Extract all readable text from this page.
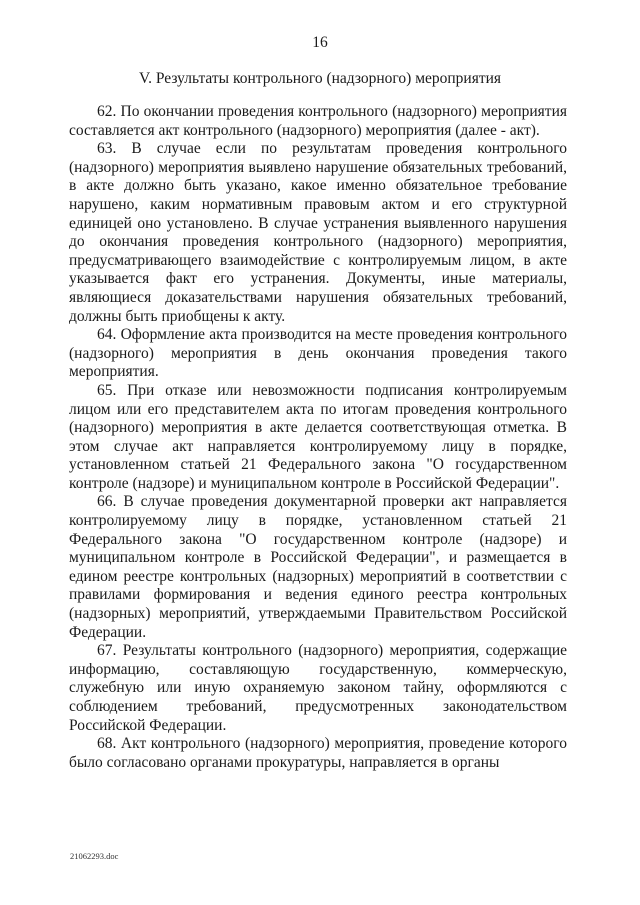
16
V. Результаты контрольного (надзорного) мероприятия

62. По окончании проведения контрольного (надзорного) мероприятия составляется акт контрольного (надзорного) мероприятия (далее - акт).

63. В случае если по результатам проведения контрольного (надзорного) мероприятия выявлено нарушение обязательных требований, в акте должно быть указано, какое именно обязательное требование нарушено, каким нормативным правовым актом и его структурной единицей оно установлено. В случае устранения выявленного нарушения до окончания проведения контрольного (надзорного) мероприятия, предусматривающего взаимодействие с контролируемым лицом, в акте указывается факт его устранения. Документы, иные материалы, являющиеся доказательствами нарушения обязательных требований, должны быть приобщены к акту.

64. Оформление акта производится на месте проведения контрольного (надзорного) мероприятия в день окончания проведения такого мероприятия.

65. При отказе или невозможности подписания контролируемым лицом или его представителем акта по итогам проведения контрольного (надзорного) мероприятия в акте делается соответствующая отметка. В этом случае акт направляется контролируемому лицу в порядке, установленном статьей 21 Федерального закона "О государственном контроле (надзоре) и муниципальном контроле в Российской Федерации".

66. В случае проведения документарной проверки акт направляется контролируемому лицу в порядке, установленном статьей 21 Федерального закона "О государственном контроле (надзоре) и муниципальном контроле в Российской Федерации", и размещается в едином реестре контрольных (надзорных) мероприятий в соответствии с правилами формирования и ведения единого реестра контрольных (надзорных) мероприятий, утверждаемыми Правительством Российской Федерации.

67. Результаты контрольного (надзорного) мероприятия, содержащие информацию, составляющую государственную, коммерческую, служебную или иную охраняемую законом тайну, оформляются с соблюдением требований, предусмотренных законодательством Российской Федерации.

68. Акт контрольного (надзорного) мероприятия, проведение которого было согласовано органами прокуратуры, направляется в органы

21062293.doc
